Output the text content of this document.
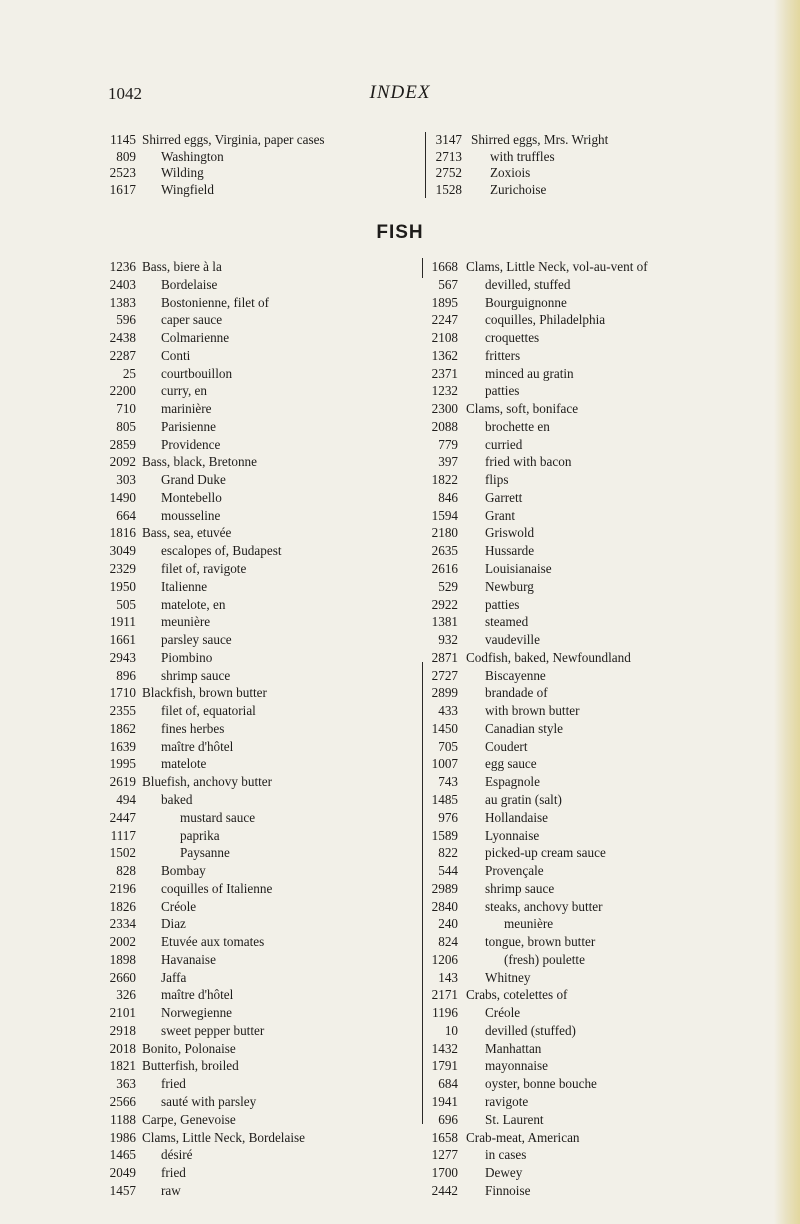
1042	INDEX
1145 Shirred eggs, Virginia, paper cases
809 Washington
2523 Wilding
1617 Wingfield
3147 Shirred eggs, Mrs. Wright
2713 with truffles
2752 Zoxiois
1528 Zurichoise
FISH
1236 Bass, biere à la
2403 Bordelaise
1383 Bostonienne, filet of
596 caper sauce
2438 Colmarienne
2287 Conti
25 courtbouillon
2200 curry, en
710 marinière
805 Parisienne
2859 Providence
2092 Bass, black, Bretonne
303 Grand Duke
1490 Montebello
664 mousseline
1816 Bass, sea, etuvée
3049 escalopes of, Budapest
2329 filet of, ravigote
1950 Italienne
505 matelote, en
1911 meunière
1661 parsley sauce
2943 Piombino
896 shrimp sauce
1710 Blackfish, brown butter
2355 filet of, equatorial
1862 fines herbes
1639 maître d'hôtel
1995 matelote
2619 Bluefish, anchovy butter
494 baked
2447	mustard sauce
1117	paprika
1502	Paysanne
828 Bombay
2196 coquilles of Italienne
1826 Créole
2334 Diaz
2002 Etuvée aux tomates
1898 Havanaise
2660 Jaffa
326 maître d'hôtel
2101 Norwegienne
2918 sweet pepper butter
2018 Bonito, Polonaise
1821 Butterfish, broiled
363 fried
2566 sauté with parsley
1188 Carpe, Genevoise
1986 Clams, Little Neck, Bordelaise
1465 désiré
2049 fried
1457 raw
1668 Clams, Little Neck, vol-au-vent of
567 devilled, stuffed
1895 Bourguignonne
2247 coquilles, Philadelphia
2108 croquettes
1362 fritters
2371 minced au gratin
1232 patties
2300 Clams, soft, boniface
2088 brochette en
779 curried
397 fried with bacon
1822 flips
846 Garrett
1594 Grant
2180 Griswold
2635 Hussarde
2616 Louisianaise
529 Newburg
2922 patties
1381 steamed
932 vaudeville
2871 Codfish, baked, Newfoundland
2727 Biscayenne
2899 brandade of
433 with brown butter
1450 Canadian style
705 Coudert
1007 egg sauce
743 Espagnole
1485 au gratin (salt)
976 Hollandaise
1589 Lyonnaise
822 picked-up cream sauce
544 Provençale
2989 shrimp sauce
2840 steaks, anchovy butter
240	meunière
824 tongue, brown butter
1206	(fresh) poulette
143 Whitney
2171 Crabs, cotelettes of
1196 Créole
10 devilled (stuffed)
1432 Manhattan
1791 mayonnaise
684 oyster, bonne bouche
1941 ravigote
696 St. Laurent
1658 Crab-meat, American
1277 in cases
1700 Dewey
2442 Finnoise
